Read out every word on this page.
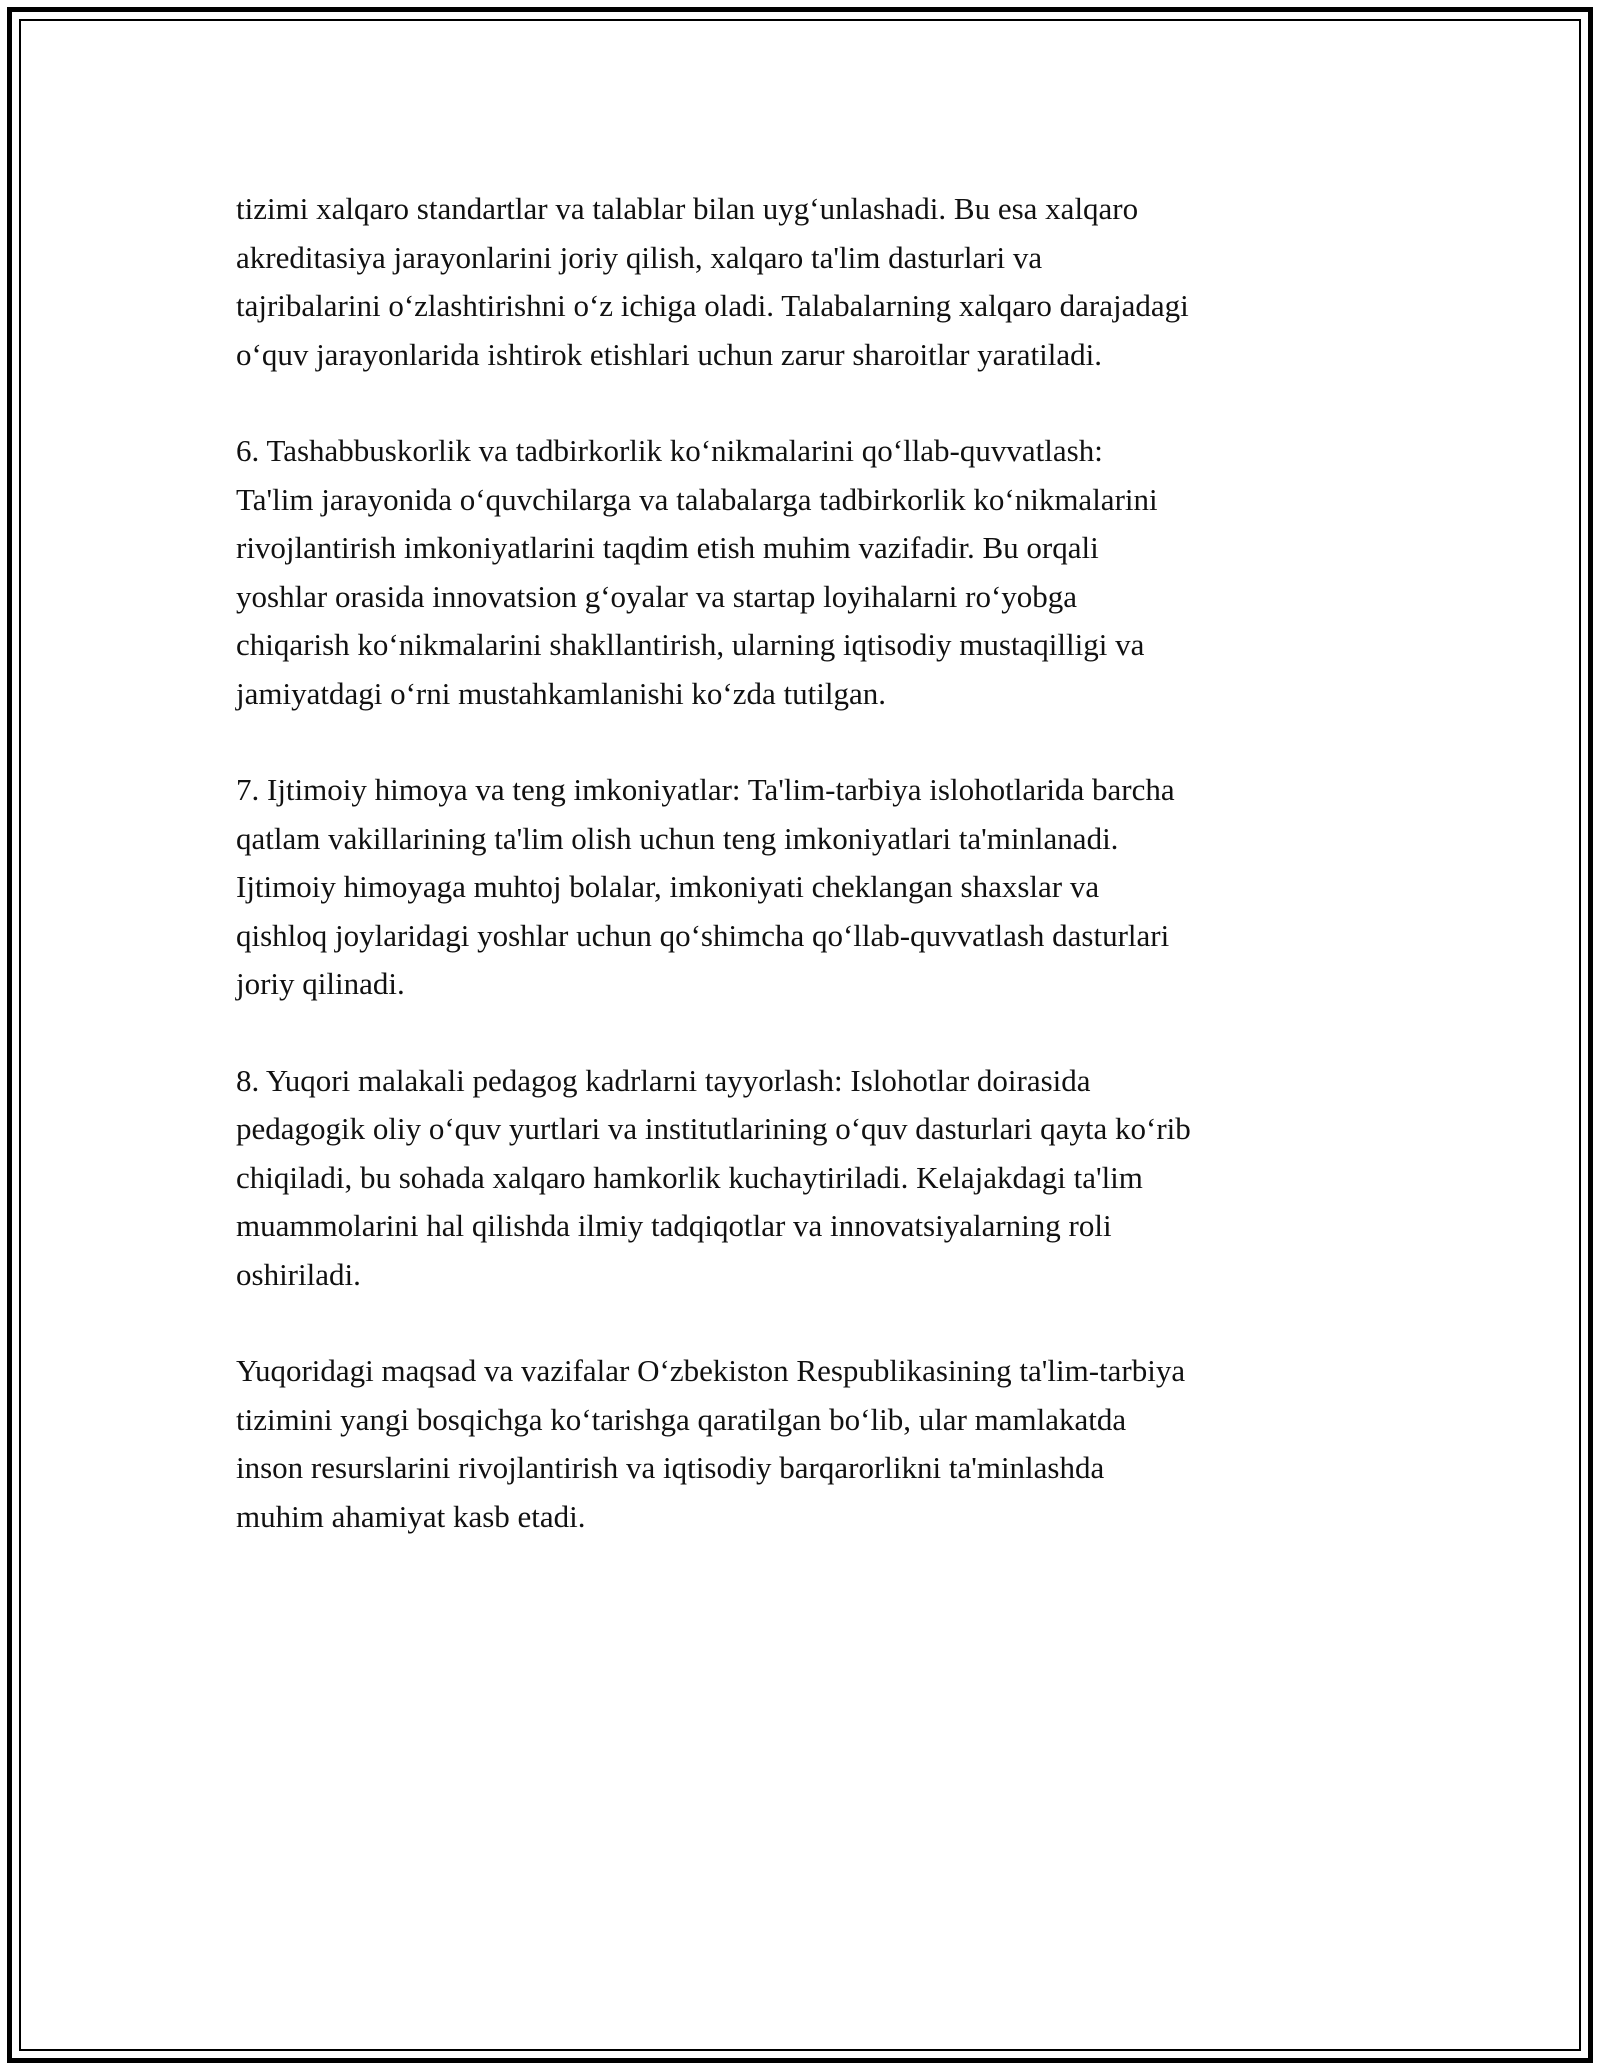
tizimi xalqaro standartlar va talablar bilan uyg‘unlashadi. Bu esa xalqaro
akreditasiya jarayonlarini joriy qilish, xalqaro ta'lim dasturlari va
tajribalarini o‘zlashtirishni o‘z ichiga oladi. Talabalarning xalqaro darajadagi
o‘quv jarayonlarida ishtirok etishlari uchun zarur sharoitlar yaratiladi.

6. Tashabbuskorlik va tadbirkorlik ko‘nikmalarini qo‘llab-quvvatlash:
Ta'lim jarayonida o‘quvchilarga va talabalarga tadbirkorlik ko‘nikmalarini
rivojlantirish imkoniyatlarini taqdim etish muhim vazifadir. Bu orqali
yoshlar orasida innovatsion g‘oyalar va startap loyihalarni ro‘yobga
chiqarish ko‘nikmalarini shakllantirish, ularning iqtisodiy mustaqilligi va
jamiyatdagi o‘rni mustahkamlanishi ko‘zda tutilgan.

7. Ijtimoiy himoya va teng imkoniyatlar: Ta'lim-tarbiya islohotlarida barcha
qatlam vakillarining ta'lim olish uchun teng imkoniyatlari ta'minlanadi.
Ijtimoiy himoyaga muhtoj bolalar, imkoniyati cheklangan shaxslar va
qishloq joylaridagi yoshlar uchun qo‘shimcha qo‘llab-quvvatlash dasturlari
joriy qilinadi.

8. Yuqori malakali pedagog kadrlarni tayyorlash: Islohotlar doirasida
pedagogik oliy o‘quv yurtlari va institutlarining o‘quv dasturlari qayta ko‘rib
chiqiladi, bu sohada xalqaro hamkorlik kuchaytiriladi. Kelajakdagi ta'lim
muammolarini hal qilishda ilmiy tadqiqotlar va innovatsiyalarning roli
oshiriladi.

Yuqoridagi maqsad va vazifalar O‘zbekiston Respublikasining ta'lim-tarbiya
tizimini yangi bosqichga ko‘tarishga qaratilgan bo‘lib, ular mamlakatda
inson resurslarini rivojlantirish va iqtisodiy barqarorlikni ta'minlashda
muhim ahamiyat kasb etadi.
